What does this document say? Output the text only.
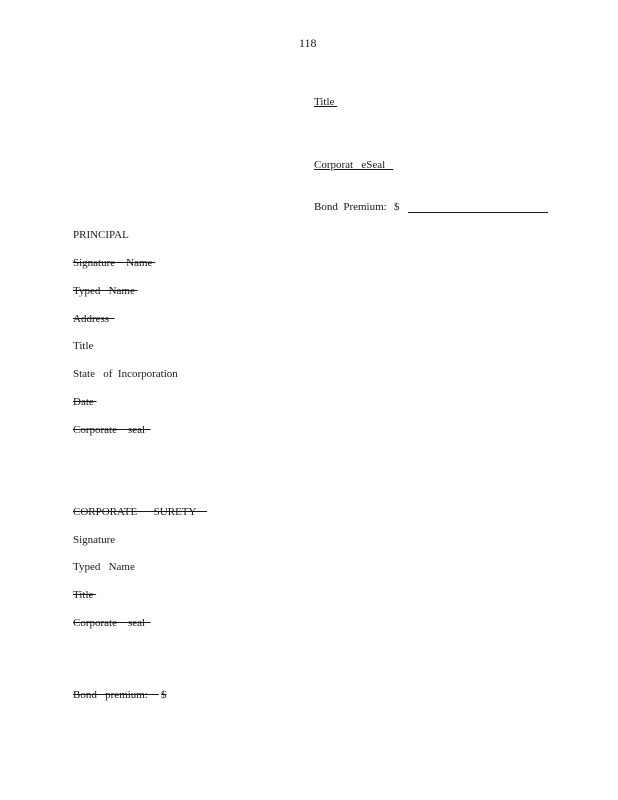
118
Title
Corporat   eSeal
Bond  Premium: $
PRINCIPAL
Signature    Name
Typed   Name
Address
Title
State   of  Incorporation
Date
Corporate    seal
CORPORATE      SURETY
Signature
Typed   Name
Title
Corporate    seal
Bond   premium: $
